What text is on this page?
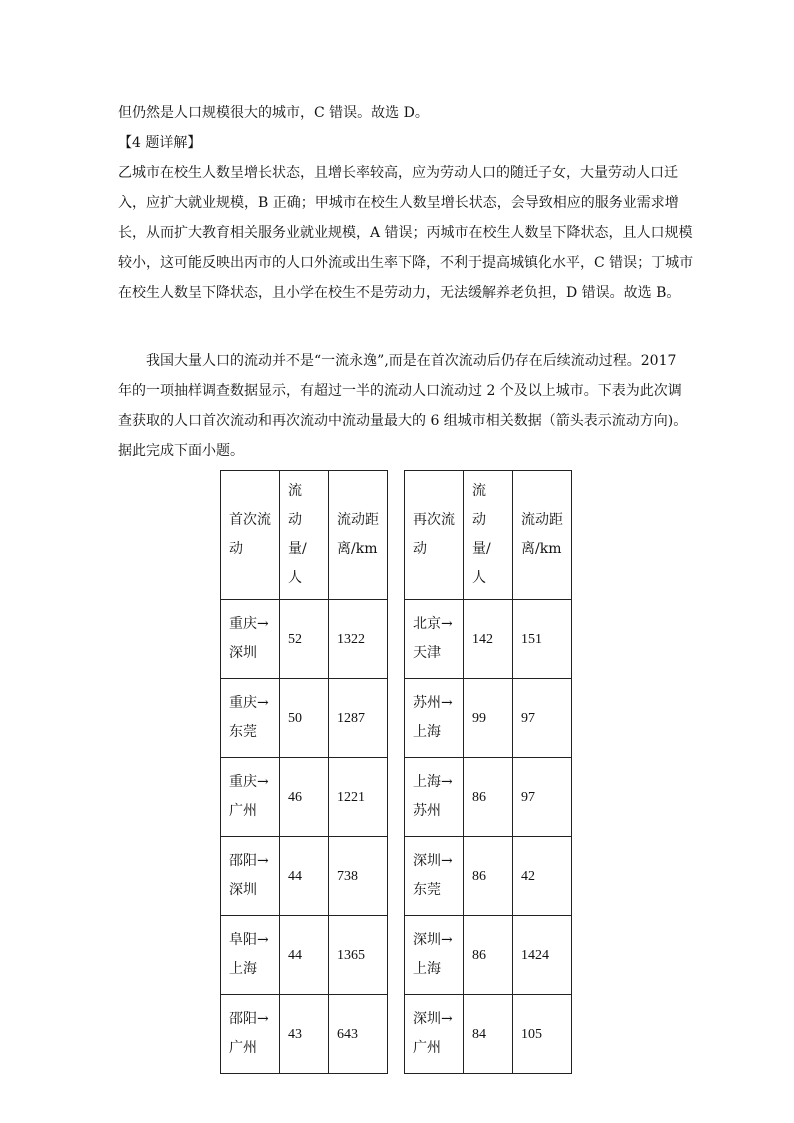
但仍然是人口规模很大的城市，C 错误。故选 D。

【4 题详解】

乙城市在校生人数呈增长状态，且增长率较高，应为劳动人口的随迁子女，大量劳动人口迁入，应扩大就业规模，B 正确；甲城市在校生人数呈增长状态，会导致相应的服务业需求增长，从而扩大教育相关服务业就业规模，A 错误；丙城市在校生人数呈下降状态，且人口规模较小，这可能反映出丙市的人口外流或出生率下降，不利于提高城镇化水平，C 错误；丁城市在校生人数呈下降状态，且小学在校生不是劳动力，无法缓解养老负担，D 错误。故选 B。

我国大量人口的流动并不是“一流永逸”,而是在首次流动后仍存在后续流动过程。2017 年的一项抽样调查数据显示，有超过一半的流动人口流动过 2 个及以上城市。下表为此次调查获取的人口首次流动和再次流动中流动量最大的 6 组城市相关数据（箭头表示流动方向)。据此完成下面小题。

首次流动	流 动量/人	流动距离/km
重庆→深圳	52	1322
重庆→东莞	50	1287
重庆→广州	46	1221
邵阳→深圳	44	738
阜阳→上海	44	1365
邵阳→广州	43	643
再次流动	流 动量/人	流动距离/km
北京→天津	142	151
苏州→上海	99	97
上海→苏州	86	97
深圳→东莞	86	42
深圳→上海	86	1424
深圳→广州	84	105
